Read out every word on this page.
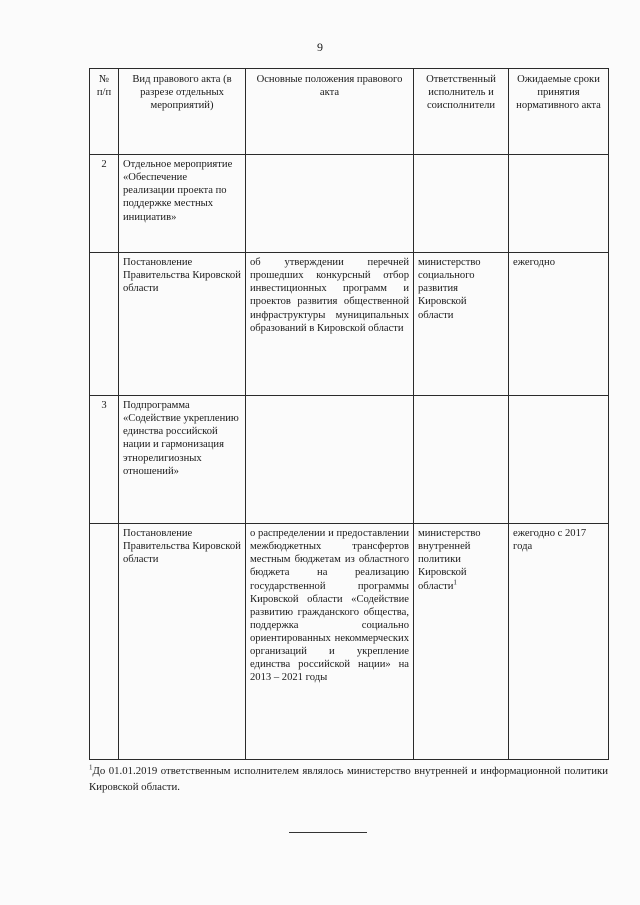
9
№ п/п	Вид правового акта (в разрезе отдельных мероприятий)	Основные положения правового акта	Ответственный исполнитель и соисполнители	Ожидаемые сроки принятия нормативного акта
2	Отдельное мероприятие «Обеспечение реализации проекта по поддержке местных инициатив»			
	Постановление Правительства Кировской области	об утверждении перечней прошедших конкурсный отбор инвестиционных программ и проектов развития общественной инфраструктуры муниципальных образований в Кировской области	министерство социального развития Кировской области	ежегодно
3	Подпрограмма «Содействие укреплению единства российской нации и гармонизация этнорелигиозных отношений»			
	Постановление Правительства Кировской области	о распределении и предоставлении межбюджетных трансфертов местным бюджетам из областного бюджета на реализацию государственной программы Кировской области «Содействие развитию гражданского общества, поддержка социально ориентированных некоммерческих организаций и укрепление единства российской нации» на 2013 – 2021 годы	министерство внутренней политики Кировской области$^1$	ежегодно с 2017 года
$^1$До 01.01.2019 ответственным исполнителем являлось министерство внутренней и информационной политики Кировской области.
